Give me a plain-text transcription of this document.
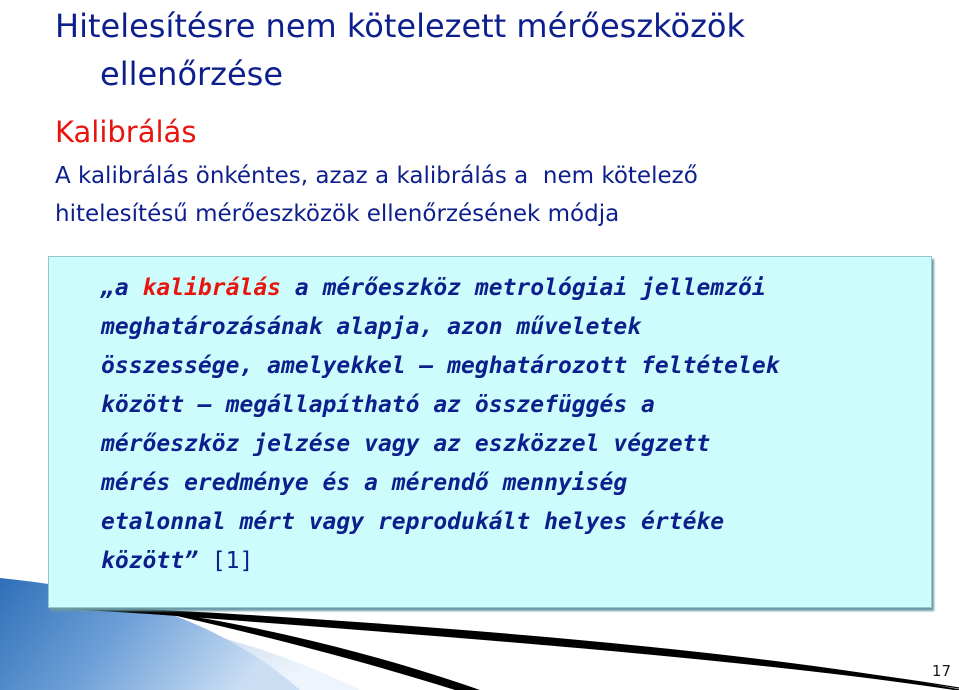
Hitelesítésre nem kötelezett mérőeszközök
ellenőrzése
Kalibrálás

A kalibrálás önkéntes, azaz a kalibrálás a  nem kötelező
hitelesítésű mérőeszközök ellenőrzésének módja

„a kalibrálás a mérőeszköz metrológiai jellemzői
meghatározásának alapja, azon műveletek
összessége, amelyekkel – meghatározott feltételek
között – megállapítható az összefüggés a
mérőeszköz jelzése vagy az eszközzel végzett
mérés eredménye és a mérendő mennyiség
etalonnal mért vagy reprodukált helyes értéke
között” [1]

17
